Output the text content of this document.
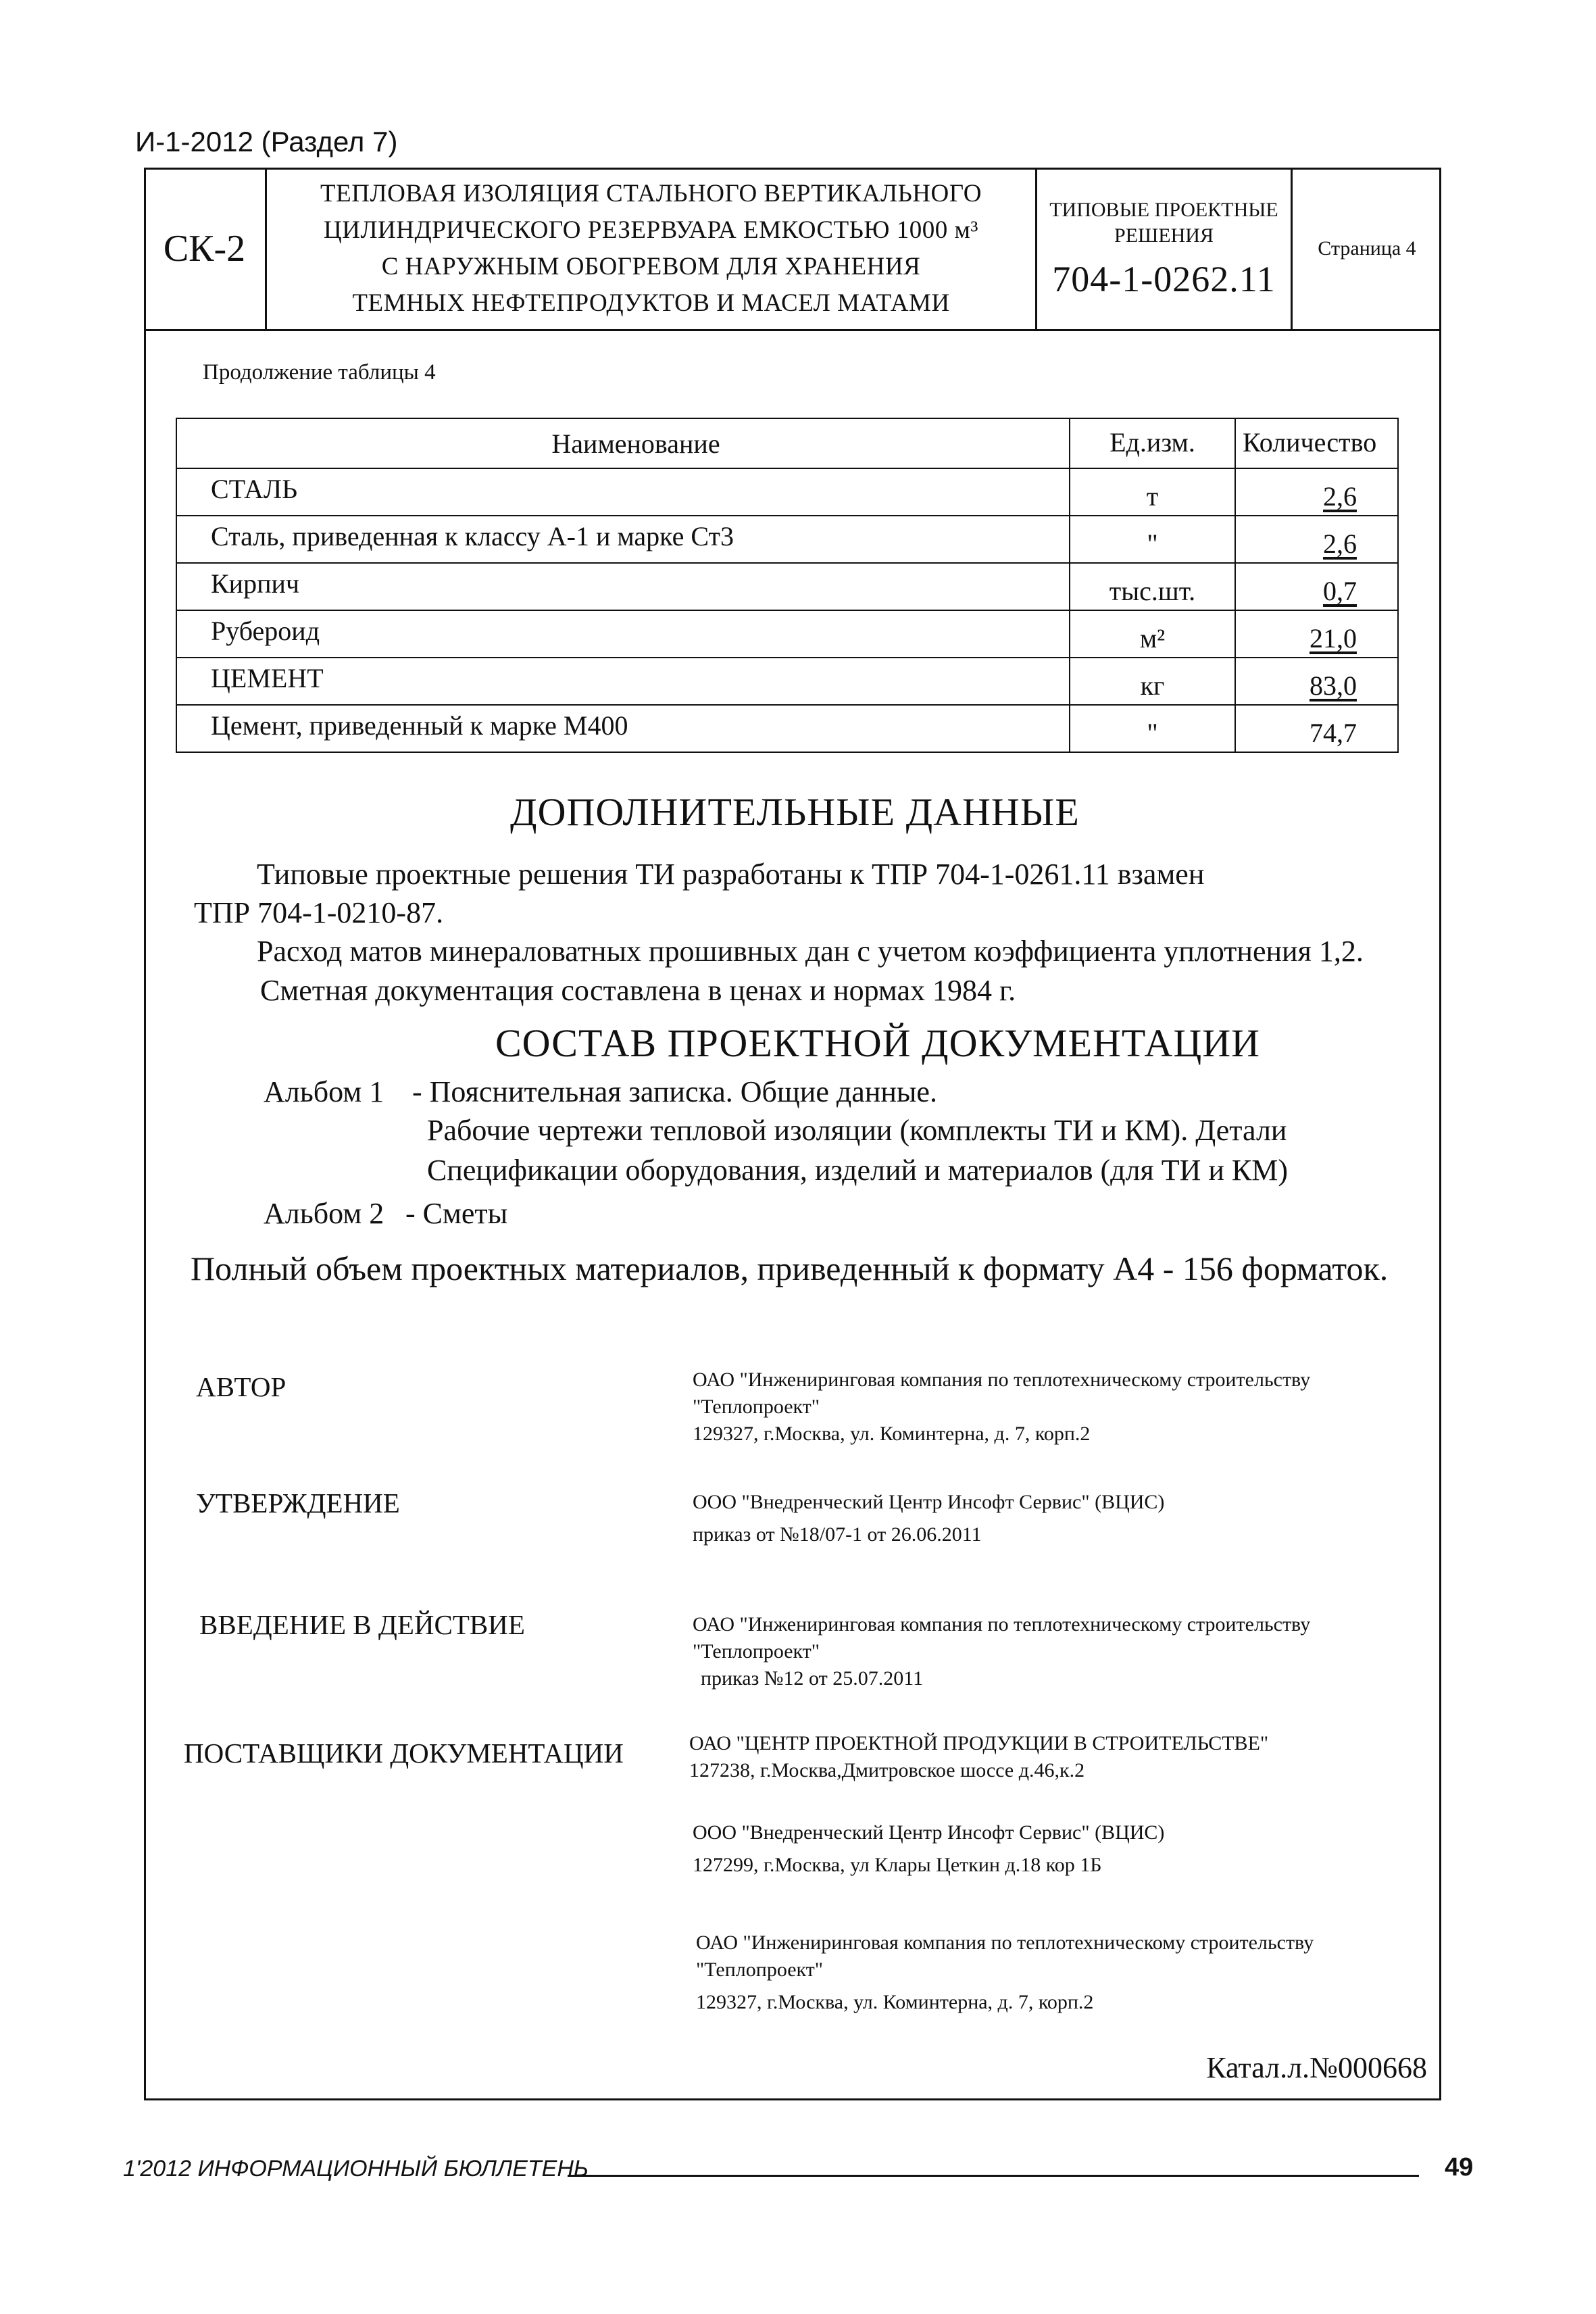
И-1-2012 (Раздел 7)
СК-2
ТЕПЛОВАЯ ИЗОЛЯЦИЯ СТАЛЬНОГО ВЕРТИКАЛЬНОГО
ЦИЛИНДРИЧЕСКОГО РЕЗЕРВУАРА ЕМКОСТЬЮ 1000 м³
С НАРУЖНЫМ ОБОГРЕВОМ ДЛЯ ХРАНЕНИЯ
ТЕМНЫХ НЕФТЕПРОДУКТОВ И МАСЕЛ МАТАМИ
ТИПОВЫЕ ПРОЕКТНЫЕ
РЕШЕНИЯ
704-1-0262.11
Страница 4
Продолжение таблицы 4
Наименование	Ед.изм.	Количество
СТАЛЬ	т	2,6
Сталь, приведенная к классу А-1 и марке Ст3	"	2,6
Кирпич	тыс.шт.	0,7
Рубероид	м²	21,0
ЦЕМЕНТ	кг	83,0
Цемент, приведенный к марке М400	"	74,7
ДОПОЛНИТЕЛЬНЫЕ ДАННЫЕ
Типовые проектные решения ТИ разработаны к ТПР 704-1-0261.11 взамен
ТПР 704-1-0210-87.
Расход матов минераловатных прошивных дан с учетом коэффициента уплотнения 1,2.
Сметная документация составлена в ценах и нормах 1984 г.
СОСТАВ ПРОЕКТНОЙ ДОКУМЕНТАЦИИ
Альбом 1 - Пояснительная записка. Общие данные.
Рабочие чертежи тепловой изоляции (комплекты ТИ и КМ). Детали
Спецификации оборудования, изделий и материалов (для ТИ и КМ)
Альбом 2 - Сметы
Полный объем проектных материалов, приведенный к формату А4 - 156 форматок.
АВТОР	ОАО "Инжениринговая компания по теплотехническому строительству
"Теплопроект"
129327, г.Москва, ул. Коминтерна, д. 7, корп.2
УТВЕРЖДЕНИЕ	ООО "Внедренческий Центр Инсофт Сервис" (ВЦИС)
приказ от №18/07-1 от 26.06.2011
ВВЕДЕНИЕ В ДЕЙСТВИЕ	ОАО "Инжениринговая компания по теплотехническому строительству
"Теплопроект"
приказ №12 от 25.07.2011
ПОСТАВЩИКИ ДОКУМЕНТАЦИИ	ОАО "ЦЕНТР ПРОЕКТНОЙ ПРОДУКЦИИ В СТРОИТЕЛЬСТВЕ"
127238, г.Москва,Дмитровское шоссе д.46,к.2
ООО "Внедренческий Центр Инсофт Сервис" (ВЦИС)
127299, г.Москва, ул Клары Цеткин д.18 кор 1Б
ОАО "Инжениринговая компания по теплотехническому строительству
"Теплопроект"
129327, г.Москва, ул. Коминтерна, д. 7, корп.2
Катал.л.№000668
1'2012 ИНФОРМАЦИОННЫЙ БЮЛЛЕТЕНЬ	49
